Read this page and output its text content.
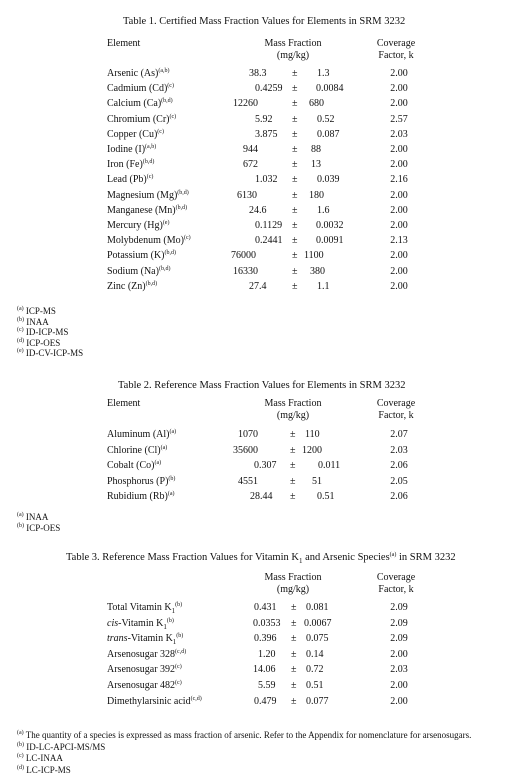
Table 1. Certified Mass Fraction Values for Elements in SRM 3232
Element	Mass Fraction
(mg/kg)
Coverage
Factor, k
Arsenic $(As)^{(a,b)}$	38.3	± 1.3	2.00
Cadmium $(Cd)^{(c)}$	0.4259 ± 0.0084	2.00
Calcium $(Ca)^{(b,d)}$	12260	± 680	2.00
Chromium $(Cr)^{(c)}$	5.92 ± 0.52	2.57
Copper $(Cu)^{(c)}$	3.875 ± 0.087	2.03
Iodine $(I)^{(a,b)}$	944	± 88	2.00
Iron $(Fe)^{(b,d)}$	672	± 13	2.00
Lead $(Pb)^{(c)}$	1.032 ± 0.039	2.16
Magnesium $(Mg)^{(b,d)}$	6130	± 180	2.00
Manganese $(Mn)^{(b,d)}$	24.6	± 1.6	2.00
Mercury $(Hg)^{(e)}$	0.1129 ± 0.0032	2.00
Molybdenum $(Mo)^{(c)}$	0.2441 ± 0.0091	2.13
Potassium $(K)^{(b,d)}$	76000	± 1100	2.00
Sodium $(Na)^{(b,d)}$	16330	± 380	2.00
Zinc $(Zn)^{(b,d)}$	27.4	± 1.1	2.00
$^{(a)}$ ICP-MS
$^{(b)}$ INAA
$^{(c)}$ ID-ICP-MS
$^{(d)}$ ICP-OES
$^{(e)}$ ID-CV-ICP-MS
Table 2. Reference Mass Fraction Values for Elements in SRM 3232
Element	Mass Fraction
(mg/kg)
Coverage
Factor, k
Aluminum $(Al)^{(a)}$	1070	± 110	2.07
Chlorine $(Cl)^{(a)}$	35600	± 1200	2.03
Cobalt $(Co)^{(a)}$	0.307 ± 0.011	2.06
Phosphorus $(P)^{(b)}$	4551	± 51	2.05
Rubidium $(Rb)^{(a)}$	28.44 ± 0.51	2.06
$^{(a)}$ INAA
$^{(b)}$ ICP-OES
Table 3. Reference Mass Fraction Values for Vitamin $K_1$ and Arsenic Species$^{(a)}$ in SRM 3232
Mass Fraction
(mg/kg)
Coverage
Factor, k
Total Vitamin $K_1^{(b)}$	0.431 ± 0.081	2.09
cis-Vitamin $K_1^{(b)}$	0.0353 ± 0.0067	2.09
trans-Vitamin $K_1^{(b)}$	0.396 ± 0.075	2.09
Arsenosugar 328$^{(c,d)}$	1.20 ± 0.14	2.00
Arsenosugar 392$^{(c)}$	14.06 ± 0.72	2.03
Arsenosugar 482$^{(c)}$	5.59 ± 0.51	2.00
Dimethylarsinic acid$^{(c,d)}$	0.479 ± 0.077	2.00
$^{(a)}$ The quantity of a species is expressed as mass fraction of arsenic. Refer to the Appendix for nomenclature for arsenosugars.
$^{(b)}$ ID-LC-APCI-MS/MS
$^{(c)}$ LC-INAA
$^{(d)}$ LC-ICP-MS
